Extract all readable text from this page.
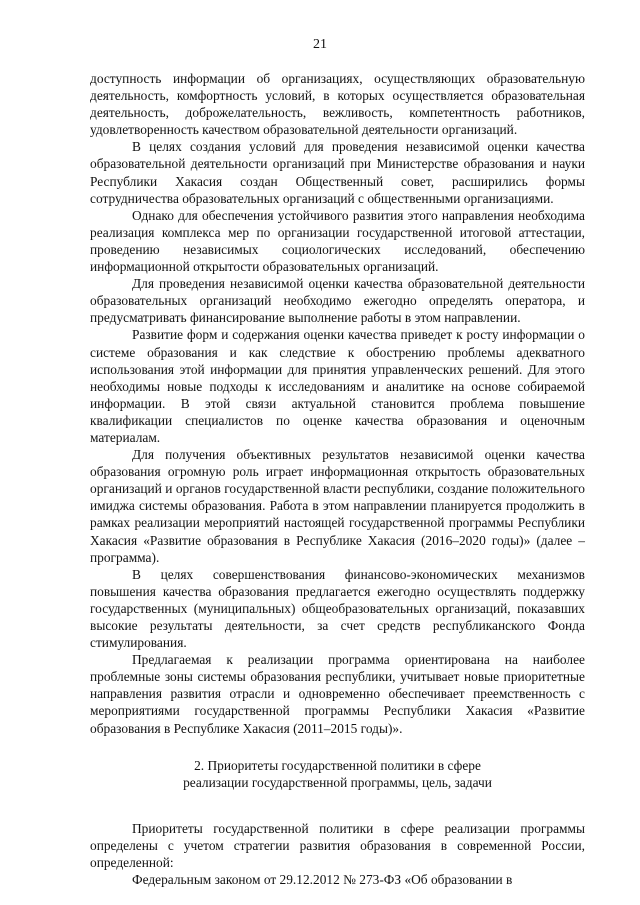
21

доступность информации об организациях, осуществляющих образовательную деятельность, комфортность условий, в которых осуществляется образовательная деятельность, доброжелательность, вежливость, компетентность работников, удовлетворенность качеством образовательной деятельности организаций.

В целях создания условий для проведения независимой оценки качества образовательной деятельности организаций при Министерстве образования и науки Республики Хакасия создан Общественный совет, расширились формы сотрудничества образовательных организаций с общественными организациями.

Однако для обеспечения устойчивого развития этого направления необходима реализация комплекса мер по организации государственной итоговой аттестации, проведению независимых социологических исследований, обеспечению информационной открытости образовательных организаций.

Для проведения независимой оценки качества образовательной деятельности образовательных организаций необходимо ежегодно определять оператора, и предусматривать финансирование выполнение работы в этом направлении.

Развитие форм и содержания оценки качества приведет к росту информации о системе образования и как следствие к обострению проблемы адекватного использования этой информации для принятия управленческих решений. Для этого необходимы новые подходы к исследованиям и аналитике на основе собираемой информации. В этой связи актуальной становится проблема повышение квалификации специалистов по оценке качества образования и оценочным материалам.

Для получения объективных результатов независимой оценки качества образования огромную роль играет информационная открытость образовательных организаций и органов государственной власти республики, создание положительного имиджа системы образования. Работа в этом направлении планируется продолжить в рамках реализации мероприятий настоящей государственной программы Республики Хакасия «Развитие образования в Республике Хакасия (2016–2020 годы)» (далее – программа).

В целях совершенствования финансово-экономических механизмов повышения качества образования предлагается ежегодно осуществлять поддержку государственных (муниципальных) общеобразовательных организаций, показавших высокие результаты деятельности, за счет средств республиканского Фонда стимулирования.

Предлагаемая к реализации программа ориентирована на наиболее проблемные зоны системы образования республики, учитывает новые приоритетные направления развития отрасли и одновременно обеспечивает преемственность с мероприятиями государственной программы Республики Хакасия «Развитие образования в Республике Хакасия (2011–2015 годы)».

2. Приоритеты государственной политики в сфере
реализации государственной программы, цель, задачи

Приоритеты государственной политики в сфере реализации программы определены с учетом стратегии развития образования в современной России, определенной:

Федеральным законом от 29.12.2012 № 273-ФЗ «Об образовании в
